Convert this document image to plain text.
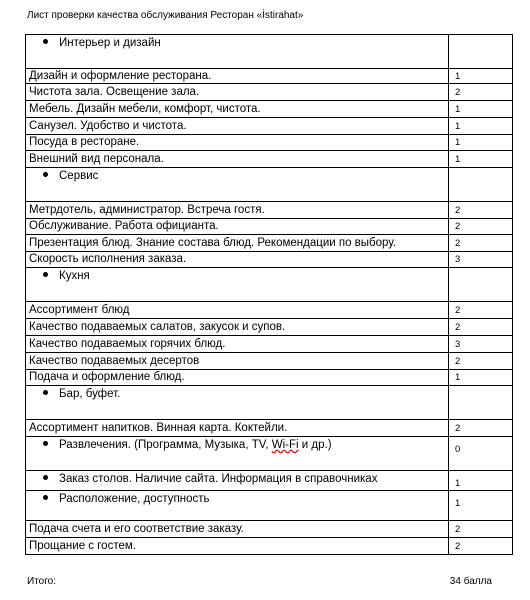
Лист проверки качества обслуживания Ресторан «İstirahat»
Интерьер и дизайн	
Дизайн и оформление ресторана.	1
Чистота зала. Освещение зала.	2
Мебель. Дизайн мебели, комфорт, чистота.	1
Санузел. Удобство и чистота.	1
Посуда в ресторане.	1
Внешний вид персонала.	1
Сервис	
Метрдотель, администратор. Встреча гостя.	2
Обслуживание. Работа официанта.	2
Презентация блюд. Знание состава блюд. Рекомендации по выбору.	2
Скорость исполнения заказа.	3
Кухня	
Ассортимент блюд	2
Качество подаваемых салатов, закусок и супов.	2
Качество подаваемых горячих блюд.	3
Качество подаваемых десертов	2
Подача и оформление блюд.	1
Бар, буфет.	
Ассортимент напитков. Винная карта. Коктейли.	2
Развлечения. (Программа, Музыка, TV, Wi-Fi и др.)	0
Заказ столов. Наличие сайта. Информация в справочниках	1
Расположение, доступность	1
Подача счета и его соответствие заказу.	2
Прощание с гостем.	2
Итого:	34 балла
